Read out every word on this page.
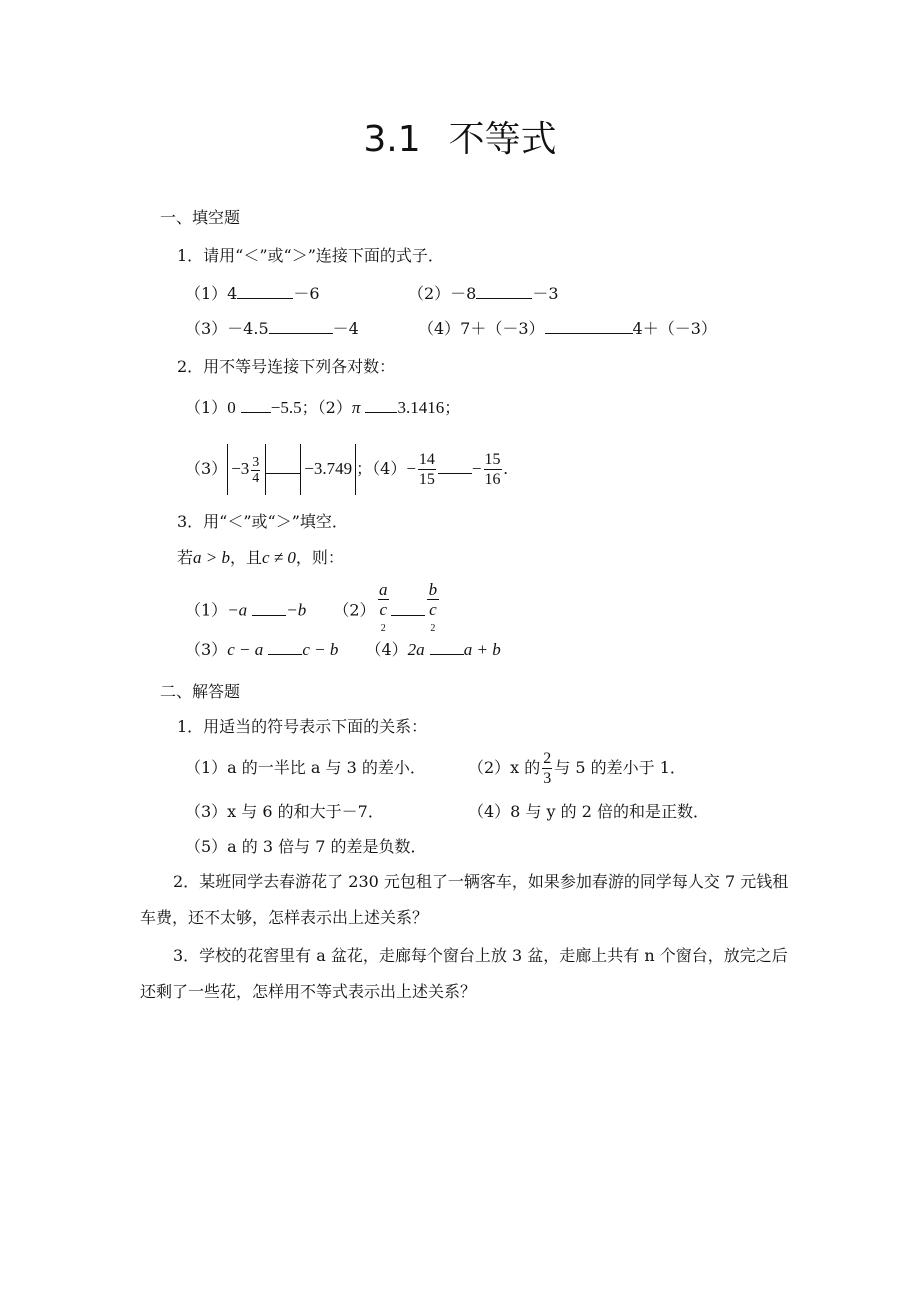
3.1 不等式
一、填空题
1．请用“＜”或“＞”连接下面的式子．
（1）4	－6	（2）－8	－3
（3）－4.5	－4	（4）7＋（－3）	4＋（－3）
2．用不等号连接下列各对数：
（1）0 −5.5；（2）π 3.1416；
$(3) -3 \frac{3}{4}$	−3.749 ；$(4)- \frac{14}{15} - \frac{15}{16}$ .
3．用“＜”或“＞”填空．
若a > b，且c ≠ 0，则：
（1）−a −b （2） a
c
$^2$ b
c
$^2$
（3）c − a c − b （4）2a a + b
二、解答题
1．用适当的符号表示下面的关系：
（1）a 的一半比 a 与 3 的差小．	（2）x 的 $\frac{2}{3}$ 与 5 的差小于 1．
（3）x 与 6 的和大于－7．	（4）8 与 y 的 2 倍的和是正数．
（5）a 的 3 倍与 7 的差是负数．
2．某班同学去春游花了 230 元包租了一辆客车，如果参加春游的同学每人交 7 元钱租车费，还不太够，怎样表示出上述关系？
3．学校的花窖里有 a 盆花，走廊每个窗台上放 3 盆，走廊上共有 n 个窗台，放完之后还剩了一些花，怎样用不等式表示出上述关系？
